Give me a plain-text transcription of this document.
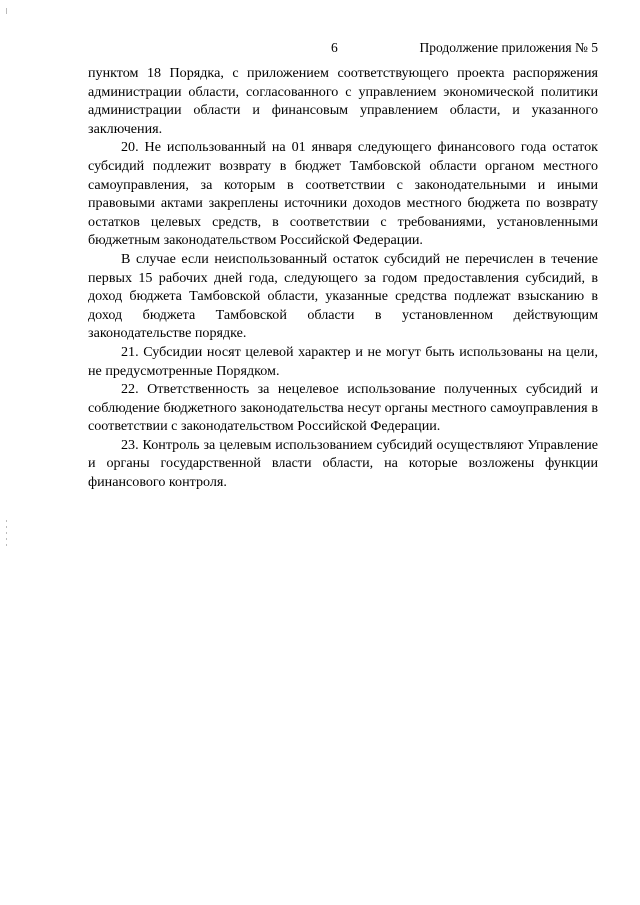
6	Продолжение приложения № 5

пунктом 18 Порядка, с приложением соответствующего проекта распоряжения администрации области, согласованного с управлением экономической политики администрации области и финансовым управлением области, и указанного заключения.

20. Не использованный на 01 января следующего финансового года остаток субсидий подлежит возврату в бюджет Тамбовской области органом местного самоуправления, за которым в соответствии с законодательными и иными правовыми актами закреплены источники доходов местного бюджета по возврату остатков целевых средств, в соответствии с требованиями, установленными бюджетным законодательством Российской Федерации.

В случае если неиспользованный остаток субсидий не перечислен в течение первых 15 рабочих дней года, следующего за годом предоставления субсидий, в доход бюджета Тамбовской области, указанные средства подлежат взысканию в доход бюджета Тамбовской области в установленном действующим законодательстве порядке.

21. Субсидии носят целевой характер и не могут быть использованы на цели, не предусмотренные Порядком.

22. Ответственность за нецелевое использование полученных субсидий и соблюдение бюджетного законодательства несут органы местного самоуправления в соответствии с законодательством Российской Федерации.

23. Контроль за целевым использованием субсидий осуществляют Управление и органы государственной власти области, на которые возложены функции финансового контроля.
